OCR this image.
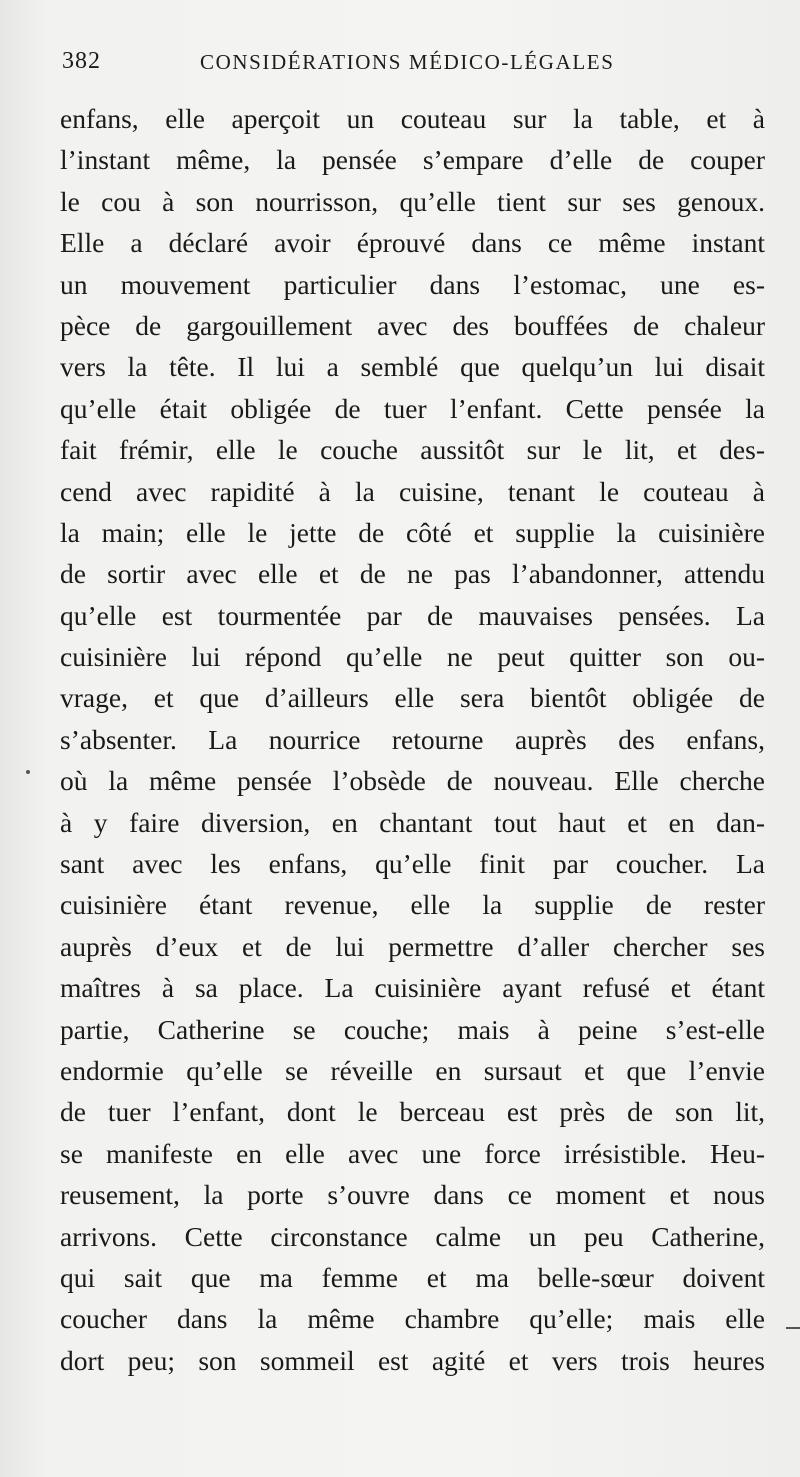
382	CONSIDÉRATIONS MÉDICO-LÉGALES
enfans, elle aperçoit un couteau sur la table, et à
l’instant même, la pensée s’empare d’elle de couper
le cou à son nourrisson, qu’elle tient sur ses genoux.
Elle a déclaré avoir éprouvé dans ce même instant
un mouvement particulier dans l’estomac, une es-
pèce de gargouillement avec des bouffées de chaleur
vers la tête. Il lui a semblé que quelqu’un lui disait
qu’elle était obligée de tuer l’enfant. Cette pensée la
fait frémir, elle le couche aussitôt sur le lit, et des-
cend avec rapidité à la cuisine, tenant le couteau à
la main; elle le jette de côté et supplie la cuisinière
de sortir avec elle et de ne pas l’abandonner, attendu
qu’elle est tourmentée par de mauvaises pensées. La
cuisinière lui répond qu’elle ne peut quitter son ou-
vrage, et que d’ailleurs elle sera bientôt obligée de
s’absenter. La nourrice retourne auprès des enfans,
où la même pensée l’obsède de nouveau. Elle cherche
à y faire diversion, en chantant tout haut et en dan-
sant avec les enfans, qu’elle finit par coucher. La
cuisinière étant revenue, elle la supplie de rester
auprès d’eux et de lui permettre d’aller chercher ses
maîtres à sa place. La cuisinière ayant refusé et étant
partie, Catherine se couche; mais à peine s’est-elle
endormie qu’elle se réveille en sursaut et que l’envie
de tuer l’enfant, dont le berceau est près de son lit,
se manifeste en elle avec une force irrésistible. Heu-
reusement, la porte s’ouvre dans ce moment et nous
arrivons. Cette circonstance calme un peu Catherine,
qui sait que ma femme et ma belle-sœur doivent
coucher dans la même chambre qu’elle; mais elle
dort peu; son sommeil est agité et vers trois heures
